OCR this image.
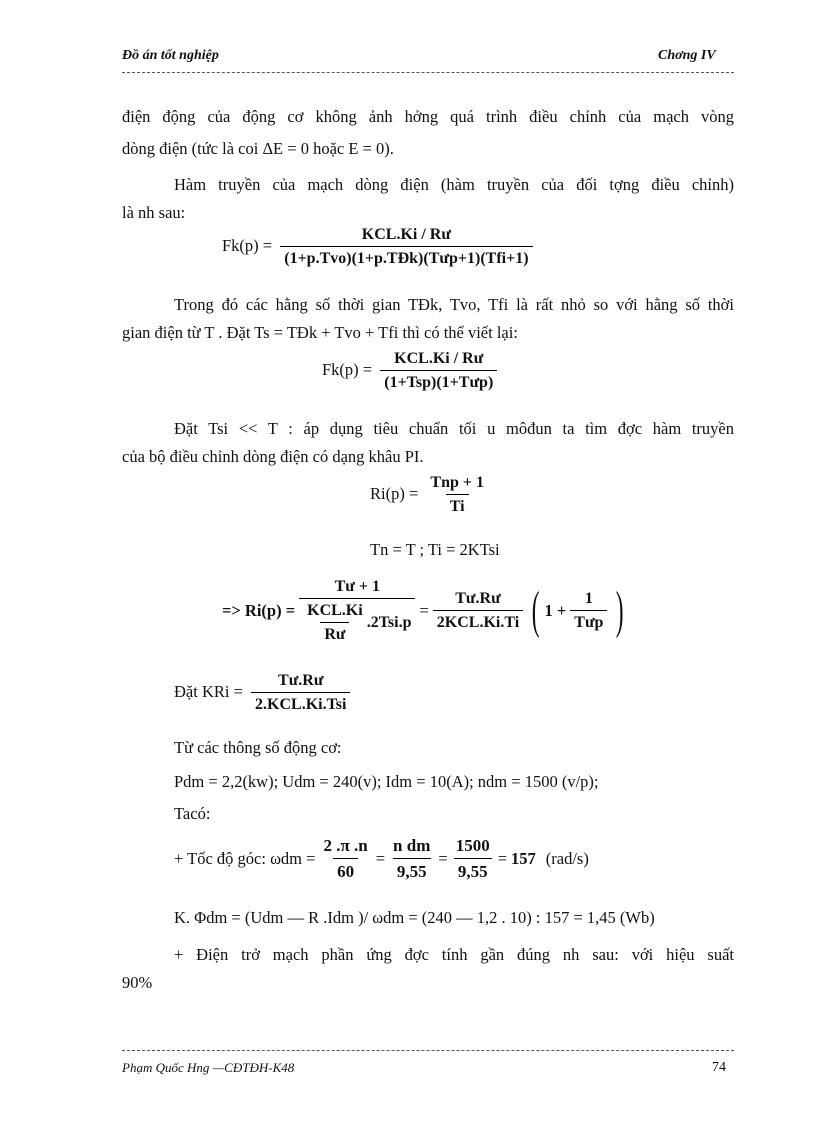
Đồ án tốt nghiệp	Chơng IV
điện động của động cơ không ảnh hởng quá trình điều chỉnh của mạch vòng
dòng điện (tức là coi ΔE = 0 hoặc E = 0).
Hàm truyền của mạch dòng điện (hàm truyền của đối tợng điều chỉnh)
là nh sau:
$Fk(p) = \frac{\text{KCL.Ki / Rư}}{\text{(1+p.Tvo)(1+p.TĐk)(Tưp+1)(Tfi+1)}}$
Trong đó các hằng số thời gian TĐk, Tvo, Tfi là rất nhỏ so với hằng số thời
gian điện từ T . Đặt Ts = TĐk + Tvo + Tfi thì có thể viết lại:
$Fk(p) = \frac{\text{KCL.Ki / Rư}}{\text{(1+Tsp)(1+Tưp)}}$
Đặt Tsi << T : áp dụng tiêu chuẩn tối u môđun ta tìm đợc hàm truyền
của bộ điều chỉnh dòng điện có dạng khâu PI.
$Ri(p) = \frac{\text{Tnp + 1}}{Ti}$
Tn = T ; Ti = 2KTsi
=> $Ri(p) = \frac{Tư + 1}{\frac{\text{KCL.Ki}}{Rư} .2Tsi.p} = \frac{Tư.Rư}{\text{2KCL.Ki.Ti}}$ ( $1 + \frac{1}{\text{Tưp}}$ )
Đặt KRi = $\frac{Tư.Rư}{\text{2.KCL.Ki.Tsi}}$
Từ các thông số động cơ:
Pdm = 2,2(kw); Udm = 240(v); Idm = 10(A); ndm = 1500 (v/p);
Tacó:
+ Tốc độ góc: $\omega dm = \frac{2 .\pi .n}{60} = \frac{\text{n dm}}{9,55} = \frac{1500}{9,55} = 157$ (rad/s)
K. Φdm = (Udm — R .Idm )/ ωdm = (240 — 1,2 . 10) : 157 = 1,45 (Wb)
+ Điện trở mạch phần ứng đợc tính gần đúng nh sau: với hiệu suất
90%
Phạm Quốc Hng —CĐTĐH-K48	74
